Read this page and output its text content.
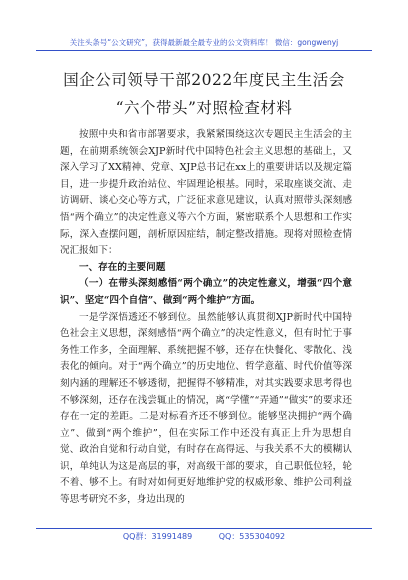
关注头条号“公文研究”，获得最新最全最专业的公文资料库！ 微信：gongwenyj
国企公司领导干部2022年度民主生活会
“六个带头”对照检查材料

按照中央和省市部署要求，我紧紧围绕这次专题民主生活会的主题，在前期系统领会XJP新时代中国特色社会主义思想的基础上，又深入学习了XX精神、党章、XJP总书记在xx上的重要讲话以及规定篇目，进一步提升政治站位、牢固理论根基。同时，采取座谈交流、走访调研、谈心交心等方式，广泛征求意见建议，认真对照带头深刻感悟“两个确立”的决定性意义等六个方面，紧密联系个人思想和工作实际，深入查摆问题，剖析原因症结，制定整改措施。现将对照检查情况汇报如下：

一、存在的主要问题

（一）在带头深刻感悟“两个确立”的决定性意义，增强“四个意识”、坚定“四个自信”、做到“两个维护”方面。

一是学深悟透还不够到位。虽然能够认真贯彻XJP新时代中国特色社会主义思想，深刻感悟“两个确立”的决定性意义，但有时忙于事务性工作多，全面理解、系统把握不够，还存在快餐化、零散化、浅表化的倾向。对于“两个确立”的历史地位、哲学意蕴、时代价值等深刻内涵的理解还不够透彻，把握得不够精准，对其实践要求思考得也不够深刻，还存在浅尝辄止的情况，离“学懂”“弄通”“做实”的要求还存在一定的差距。二是对标看齐还不够到位。能够坚决拥护“两个确立”、做到“两个维护”，但在实际工作中还没有真正上升为思想自觉、政治自觉和行动自觉，有时存在高得远、与我关系不大的模糊认识，单纯认为这是高层的事，对高级干部的要求，自己职低位轻，轮不着、够不上。有时对如何更好地维护党的权威形象、维护公司利益等思考研究不多，身边出现的

QQ群：31991489	QQ：535304092
